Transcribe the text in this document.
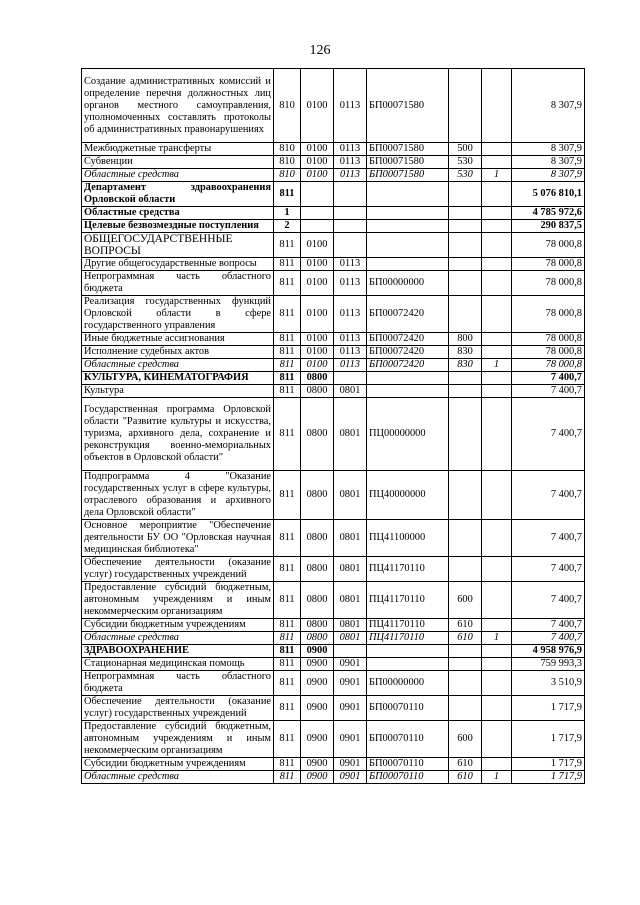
126
Создание административных комиссий и определение перечня должностных лиц органов местного самоуправления, уполномоченных составлять протоколы об административных правонарушениях	810	0100	0113	БП00071580			8 307,9
Межбюджетные трансферты	810	0100	0113	БП00071580	500		8 307,9
Субвенции	810	0100	0113	БП00071580	530		8 307,9
Областные средства	810	0100	0113	БП00071580	530	1	8 307,9
Департамент здравоохранения Орловской области	811						5 076 810,1
Областные средства	1						4 785 972,6
Целевые безвозмездные поступления	2						290 837,5
ОБЩЕГОСУДАРСТВЕННЫЕ ВОПРОСЫ	811	0100					78 000,8
Другие общегосударственные вопросы	811	0100	0113				78 000,8
Непрограммная часть областного бюджета	811	0100	0113	БП00000000			78 000,8
Реализация государственных функций Орловской области в сфере государственного управления	811	0100	0113	БП00072420			78 000,8
Иные бюджетные ассигнования	811	0100	0113	БП00072420	800		78 000,8
Исполнение судебных актов	811	0100	0113	БП00072420	830		78 000,8
Областные средства	811	0100	0113	БП00072420	830	1	78 000,8
КУЛЬТУРА, КИНЕМАТОГРАФИЯ	811	0800					7 400,7
Культура	811	0800	0801				7 400,7
Государственная программа Орловской области "Развитие культуры и искусства, туризма, архивного дела, сохранение и реконструкция военно-мемориальных объектов в Орловской области"	811	0800	0801	ПЦ00000000			7 400,7
Подпрограмма 4 "Оказание государственных услуг в сфере культуры, отраслевого образования и архивного дела Орловской области"	811	0800	0801	ПЦ40000000			7 400,7
Основное мероприятие "Обеспечение деятельности БУ ОО "Орловская научная медицинская библиотека"	811	0800	0801	ПЦ41100000			7 400,7
Обеспечение деятельности (оказание услуг) государственных учреждений	811	0800	0801	ПЦ41170110			7 400,7
Предоставление субсидий бюджетным, автономным учреждениям и иным некоммерческим организациям	811	0800	0801	ПЦ41170110	600		7 400,7
Субсидии бюджетным учреждениям	811	0800	0801	ПЦ41170110	610		7 400,7
Областные средства	811	0800	0801	ПЦ41170110	610	1	7 400,7
ЗДРАВООХРАНЕНИЕ	811	0900					4 958 976,9
Стационарная медицинская помощь	811	0900	0901				759 993,3
Непрограммная часть областного бюджета	811	0900	0901	БП00000000			3 510,9
Обеспечение деятельности (оказание услуг) государственных учреждений	811	0900	0901	БП00070110			1 717,9
Предоставление субсидий бюджетным, автономным учреждениям и иным некоммерческим организациям	811	0900	0901	БП00070110	600		1 717,9
Субсидии бюджетным учреждениям	811	0900	0901	БП00070110	610		1 717,9
Областные средства	811	0900	0901	БП00070110	610	1	1 717,9
